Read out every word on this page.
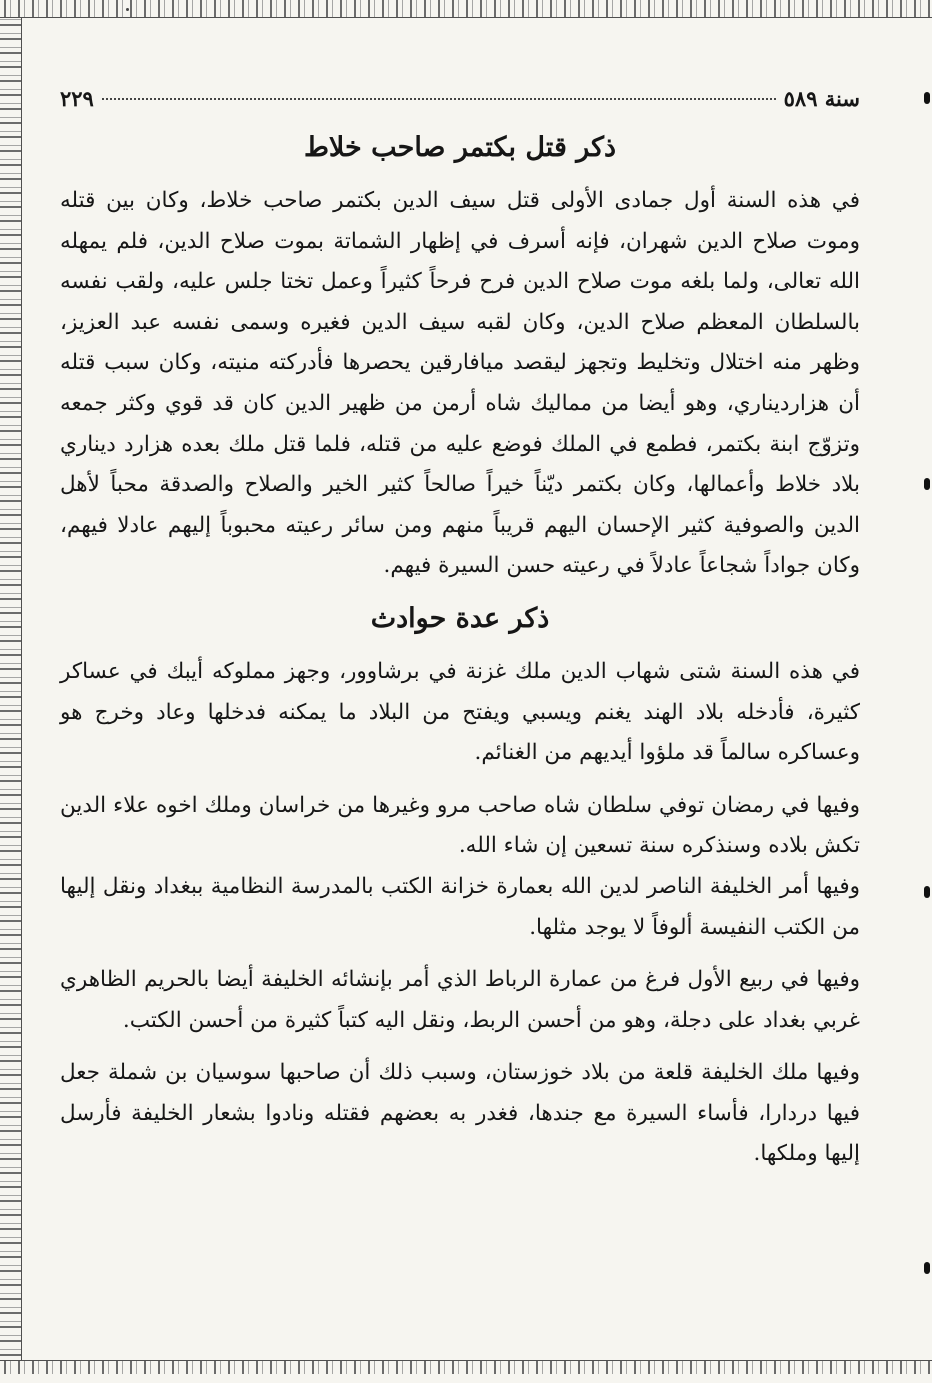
سنة ٥٨٩
٢٢٩
ذكر قتل بكتمر صاحب خلاط

في هذه السنة أول جمادى الأولى قتل سيف الدين بكتمر صاحب خلاط، وكان بين قتله وموت صلاح الدين شهران، فإنه أسرف في إظهار الشماتة بموت صلاح الدين، فلم يمهله الله تعالى، ولما بلغه موت صلاح الدين فرح فرحاً كثيراً وعمل تختا جلس عليه، ولقب نفسه بالسلطان المعظم صلاح الدين، وكان لقبه سيف الدين فغيره وسمى نفسه عبد العزيز، وظهر منه اختلال وتخليط وتجهز ليقصد ميافارقين يحصرها فأدركته منيته، وكان سبب قتله أن هزارديناري، وهو أيضا من مماليك شاه أرمن من ظهير الدين كان قد قوي وكثر جمعه وتزوّج ابنة بكتمر، فطمع في الملك فوضع عليه من قتله، فلما قتل ملك بعده هزارد ديناري بلاد خلاط وأعمالها، وكان بكتمر ديّناً خيراً صالحاً كثير الخير والصلاح والصدقة محباً لأهل الدين والصوفية كثير الإحسان اليهم قريباً منهم ومن سائر رعيته محبوباً إليهم عادلا فيهم، وكان جواداً شجاعاً عادلاً في رعيته حسن السيرة فيهم.

ذكر عدة حوادث

في هذه السنة شتى شهاب الدين ملك غزنة في برشاوور، وجهز مملوكه أيبك في عساكر كثيرة، فأدخله بلاد الهند يغنم ويسبي ويفتح من البلاد ما يمكنه فدخلها وعاد وخرج هو وعساكره سالماً قد ملؤوا أيديهم من الغنائم.

وفيها في رمضان توفي سلطان شاه صاحب مرو وغيرها من خراسان وملك اخوه علاء الدين تكش بلاده وسنذكره سنة تسعين إن شاء الله.

وفيها أمر الخليفة الناصر لدين الله بعمارة خزانة الكتب بالمدرسة النظامية ببغداد ونقل إليها من الكتب النفيسة ألوفاً لا يوجد مثلها.

وفيها في ربيع الأول فرغ من عمارة الرباط الذي أمر بإنشائه الخليفة أيضا بالحريم الظاهري غربي بغداد على دجلة، وهو من أحسن الربط، ونقل اليه كتباً كثيرة من أحسن الكتب.

وفيها ملك الخليفة قلعة من بلاد خوزستان، وسبب ذلك أن صاحبها سوسيان بن شملة جعل فيها دردارا، فأساء السيرة مع جندها، فغدر به بعضهم فقتله ونادوا بشعار الخليفة فأرسل إليها وملكها.
